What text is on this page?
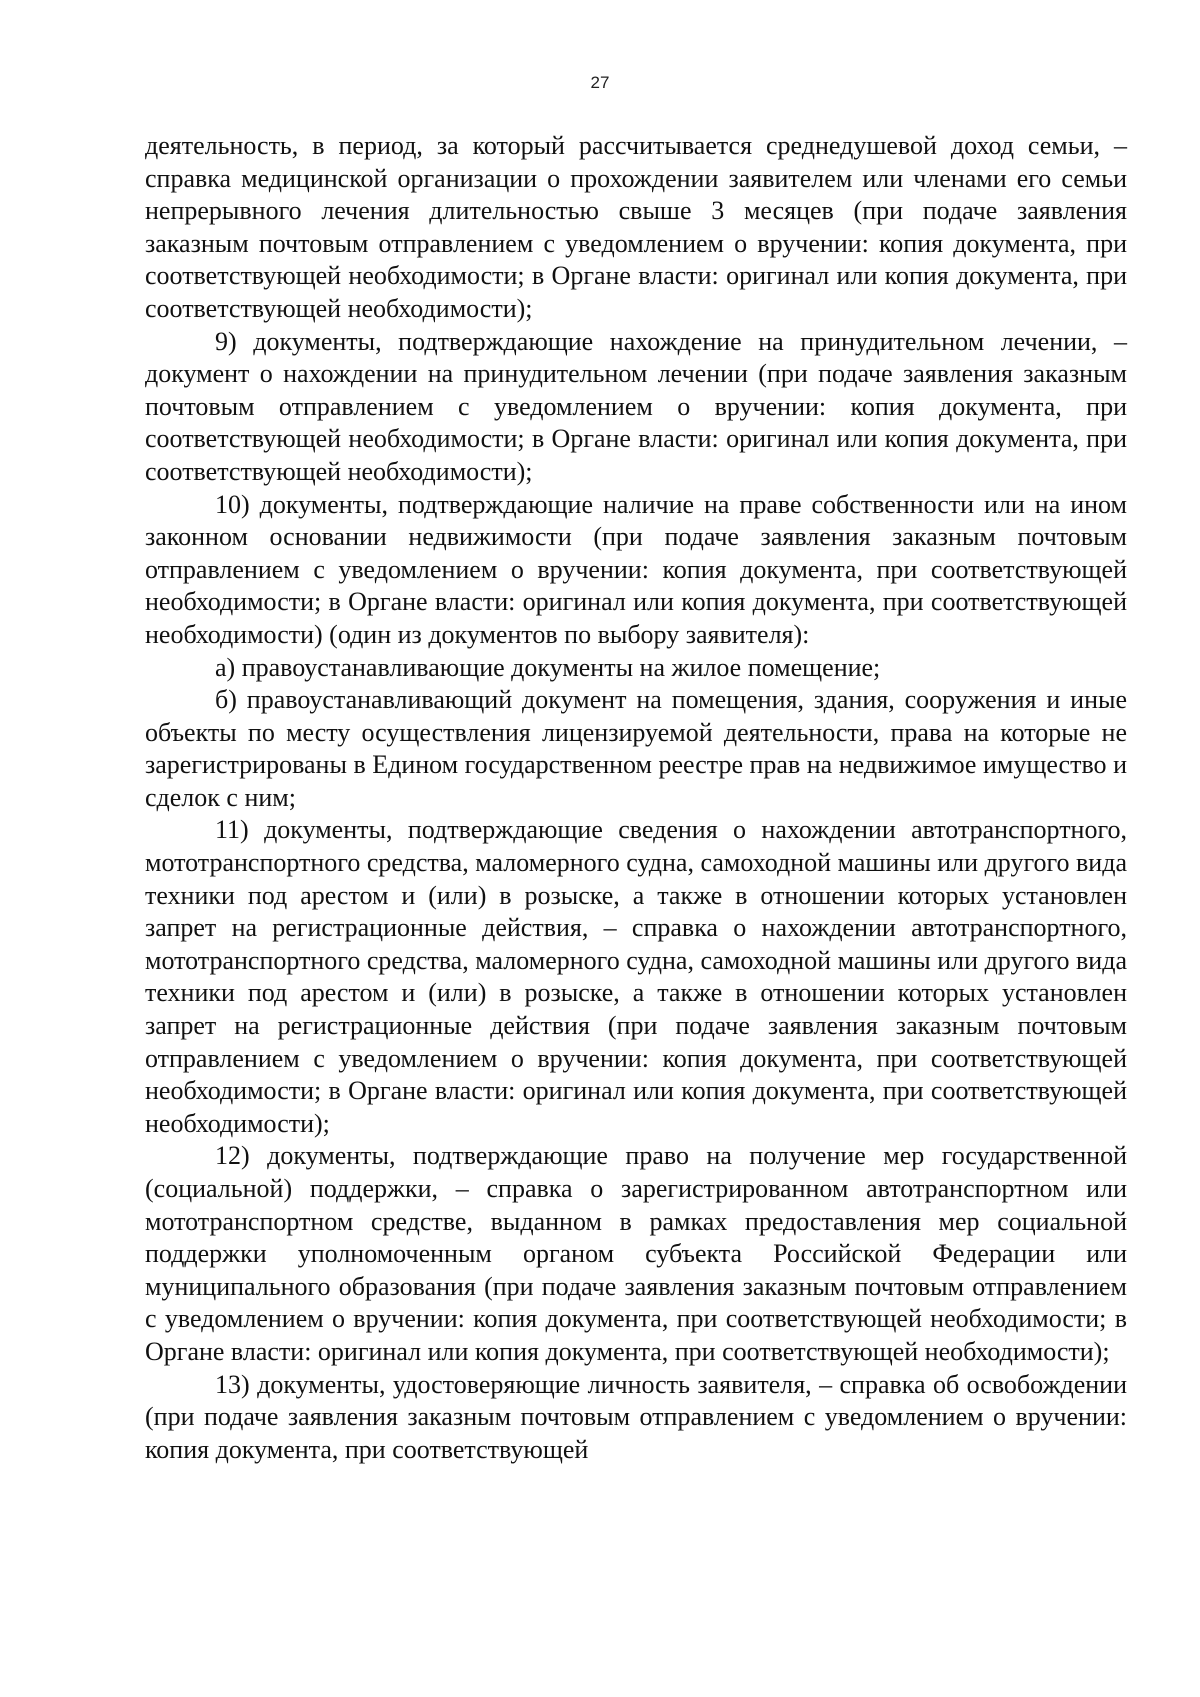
27

деятельность, в период, за который рассчитывается среднедушевой доход семьи, – справка медицинской организации о прохождении заявителем или членами его семьи непрерывного лечения длительностью свыше 3 месяцев (при подаче заявления заказным почтовым отправлением с уведомлением о вручении: копия документа, при соответствующей необходимости; в Органе власти: оригинал или копия документа, при соответствующей необходимости);

9) документы, подтверждающие нахождение на принудительном лечении, – документ о нахождении на принудительном лечении (при подаче заявления заказным почтовым отправлением с уведомлением о вручении: копия документа, при соответствующей необходимости; в Органе власти: оригинал или копия документа, при соответствующей необходимости);

10) документы, подтверждающие наличие на праве собственности или на ином законном основании недвижимости (при подаче заявления заказным почтовым отправлением с уведомлением о вручении: копия документа, при соответствующей необходимости; в Органе власти: оригинал или копия документа, при соответствующей необходимости) (один из документов по выбору заявителя):

а) правоустанавливающие документы на жилое помещение;

б) правоустанавливающий документ на помещения, здания, сооружения и иные объекты по месту осуществления лицензируемой деятельности, права на которые не зарегистрированы в Едином государственном реестре прав на недвижимое имущество и сделок с ним;

11) документы, подтверждающие сведения о нахождении автотранспортного, мототранспортного средства, маломерного судна, самоходной машины или другого вида техники под арестом и (или) в розыске, а также в отношении которых установлен запрет на регистрационные действия, – справка о нахождении автотранспортного, мототранспортного средства, маломерного судна, самоходной машины или другого вида техники под арестом и (или) в розыске, а также в отношении которых установлен запрет на регистрационные действия (при подаче заявления заказным почтовым отправлением с уведомлением о вручении: копия документа, при соответствующей необходимости; в Органе власти: оригинал или копия документа, при соответствующей необходимости);

12) документы, подтверждающие право на получение мер государственной (социальной) поддержки, – справка о зарегистрированном автотранспортном или мототранспортном средстве, выданном в рамках предоставления мер социальной поддержки уполномоченным органом субъекта Российской Федерации или муниципального образования (при подаче заявления заказным почтовым отправлением с уведомлением о вручении: копия документа, при соответствующей необходимости; в Органе власти: оригинал или копия документа, при соответствующей необходимости);

13) документы, удостоверяющие личность заявителя, – справка об освобождении (при подаче заявления заказным почтовым отправлением с уведомлением о вручении: копия документа, при соответствующей
